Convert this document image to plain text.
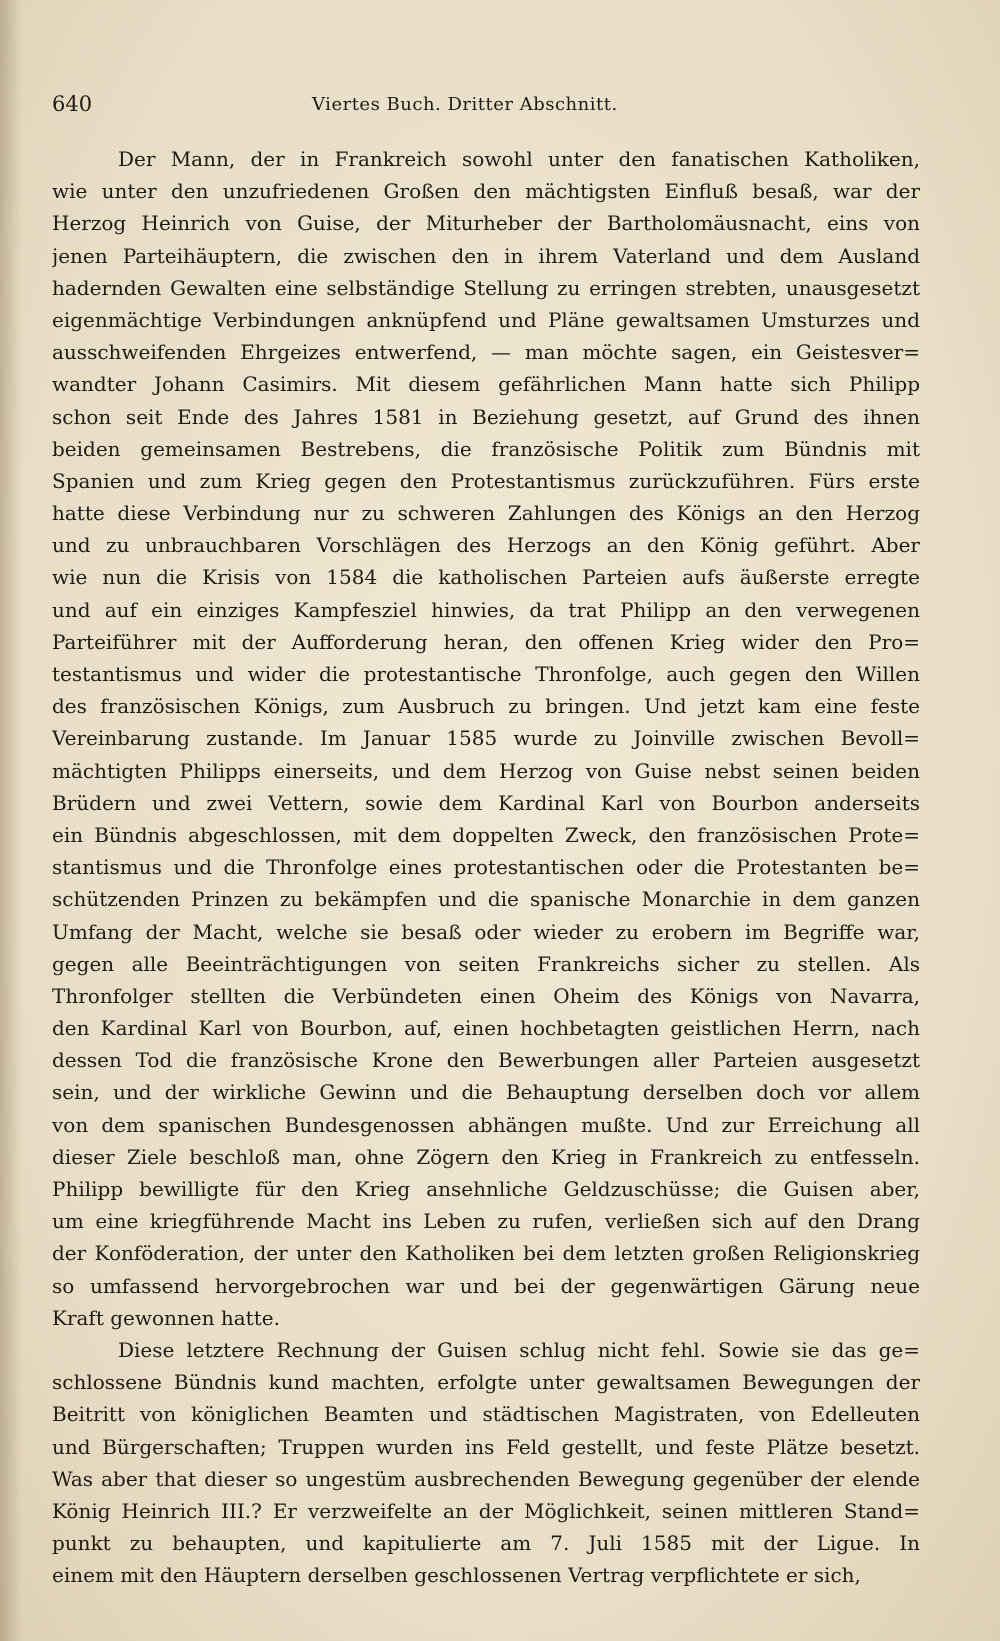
640	Viertes Buch. Dritter Abschnitt.
Der Mann, der in Frankreich sowohl unter den fanatischen Katholiken,
wie unter den unzufriedenen Großen den mächtigsten Einfluß besaß, war der
Herzog Heinrich von Guise, der Miturheber der Bartholomäusnacht, eins von
jenen Parteihäuptern, die zwischen den in ihrem Vaterland und dem Ausland
hadernden Gewalten eine selbständige Stellung zu erringen strebten, unausgesetzt
eigenmächtige Verbindungen anknüpfend und Pläne gewaltsamen Umsturzes und
ausschweifenden Ehrgeizes entwerfend, — man möchte sagen, ein Geistesver=
wandter Johann Casimirs. Mit diesem gefährlichen Mann hatte sich Philipp
schon seit Ende des Jahres 1581 in Beziehung gesetzt, auf Grund des ihnen
beiden gemeinsamen Bestrebens, die französische Politik zum Bündnis mit
Spanien und zum Krieg gegen den Protestantismus zurückzuführen. Fürs erste
hatte diese Verbindung nur zu schweren Zahlungen des Königs an den Herzog
und zu unbrauchbaren Vorschlägen des Herzogs an den König geführt. Aber
wie nun die Krisis von 1584 die katholischen Parteien aufs äußerste erregte
und auf ein einziges Kampfesziel hinwies, da trat Philipp an den verwegenen
Parteiführer mit der Aufforderung heran, den offenen Krieg wider den Pro=
testantismus und wider die protestantische Thronfolge, auch gegen den Willen
des französischen Königs, zum Ausbruch zu bringen. Und jetzt kam eine feste
Vereinbarung zustande. Im Januar 1585 wurde zu Joinville zwischen Bevoll=
mächtigten Philipps einerseits, und dem Herzog von Guise nebst seinen beiden
Brüdern und zwei Vettern, sowie dem Kardinal Karl von Bourbon anderseits
ein Bündnis abgeschlossen, mit dem doppelten Zweck, den französischen Prote=
stantismus und die Thronfolge eines protestantischen oder die Protestanten be=
schützenden Prinzen zu bekämpfen und die spanische Monarchie in dem ganzen
Umfang der Macht, welche sie besaß oder wieder zu erobern im Begriffe war,
gegen alle Beeinträchtigungen von seiten Frankreichs sicher zu stellen. Als
Thronfolger stellten die Verbündeten einen Oheim des Königs von Navarra,
den Kardinal Karl von Bourbon, auf, einen hochbetagten geistlichen Herrn, nach
dessen Tod die französische Krone den Bewerbungen aller Parteien ausgesetzt
sein, und der wirkliche Gewinn und die Behauptung derselben doch vor allem
von dem spanischen Bundesgenossen abhängen mußte. Und zur Erreichung all
dieser Ziele beschloß man, ohne Zögern den Krieg in Frankreich zu entfesseln.
Philipp bewilligte für den Krieg ansehnliche Geldzuschüsse; die Guisen aber,
um eine kriegführende Macht ins Leben zu rufen, verließen sich auf den Drang
der Konföderation, der unter den Katholiken bei dem letzten großen Religionskrieg
so umfassend hervorgebrochen war und bei der gegenwärtigen Gärung neue
Kraft gewonnen hatte.
Diese letztere Rechnung der Guisen schlug nicht fehl. Sowie sie das ge=
schlossene Bündnis kund machten, erfolgte unter gewaltsamen Bewegungen der
Beitritt von königlichen Beamten und städtischen Magistraten, von Edelleuten
und Bürgerschaften; Truppen wurden ins Feld gestellt, und feste Plätze besetzt.
Was aber that dieser so ungestüm ausbrechenden Bewegung gegenüber der elende
König Heinrich III.? Er verzweifelte an der Möglichkeit, seinen mittleren Stand=
punkt zu behaupten, und kapitulierte am 7. Juli 1585 mit der Ligue. In
einem mit den Häuptern derselben geschlossenen Vertrag verpflichtete er sich,
